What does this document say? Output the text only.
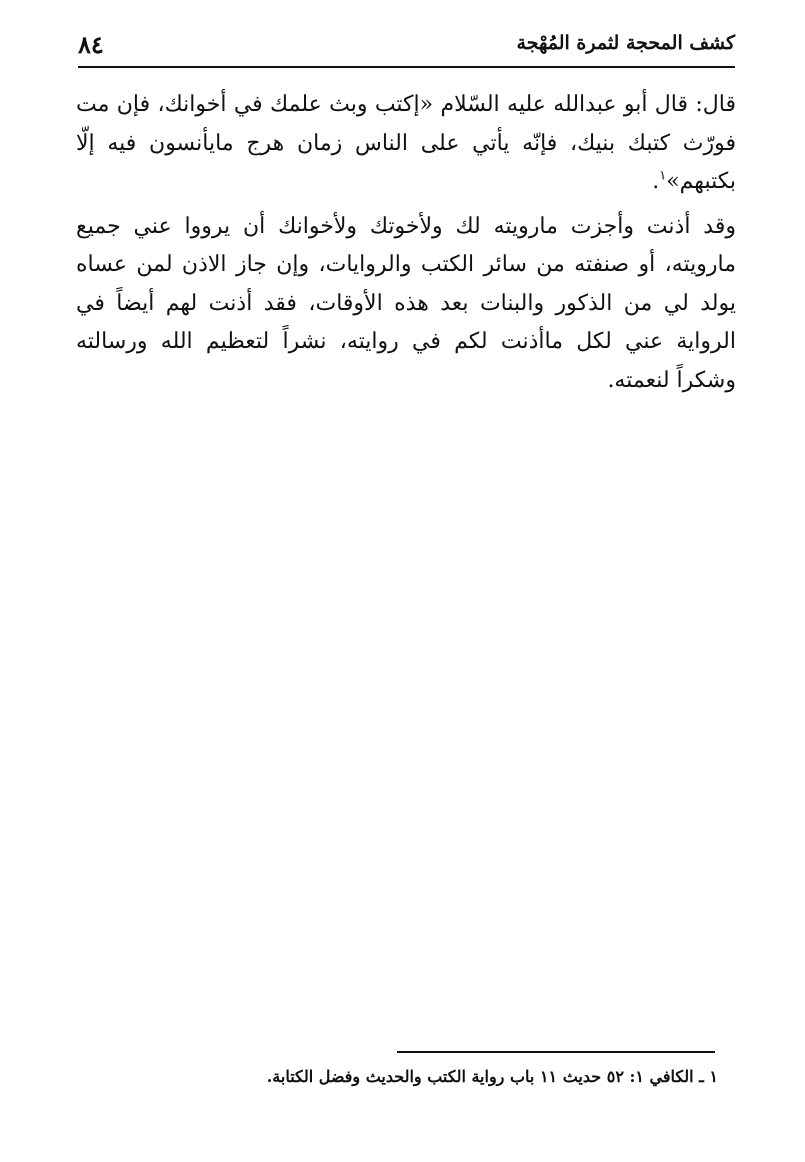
كشف المحجة لثمرة المُهْجة
٨٤

قال: قال أبو عبدالله عليه السّلام «إكتب وبث علمك في أخوانك، فإن مت فورّث كتبك بنيك، فإنّه يأتي على الناس زمان هرج مايأنسون فيه إلّا بكتبهم»$^١$.

وقد أذنت وأجزت مارويته لك ولأخوتك ولأخوانك أن يرووا عني جميع مارويته، أو صنفته من سائر الكتب والروايات، وإن جاز الاذن لمن عساه يولد لي من الذكور والبنات بعد هذه الأوقات، فقد أذنت لهم أيضاً في الرواية عني لكل ماأذنت لكم في روايته، نشراً لتعظيم الله ورسالته وشكراً لنعمته.

١ ـ الكافي ١: ٥٢ حديث ١١ باب رواية الكتب والحديث وفضل الكتابة.
